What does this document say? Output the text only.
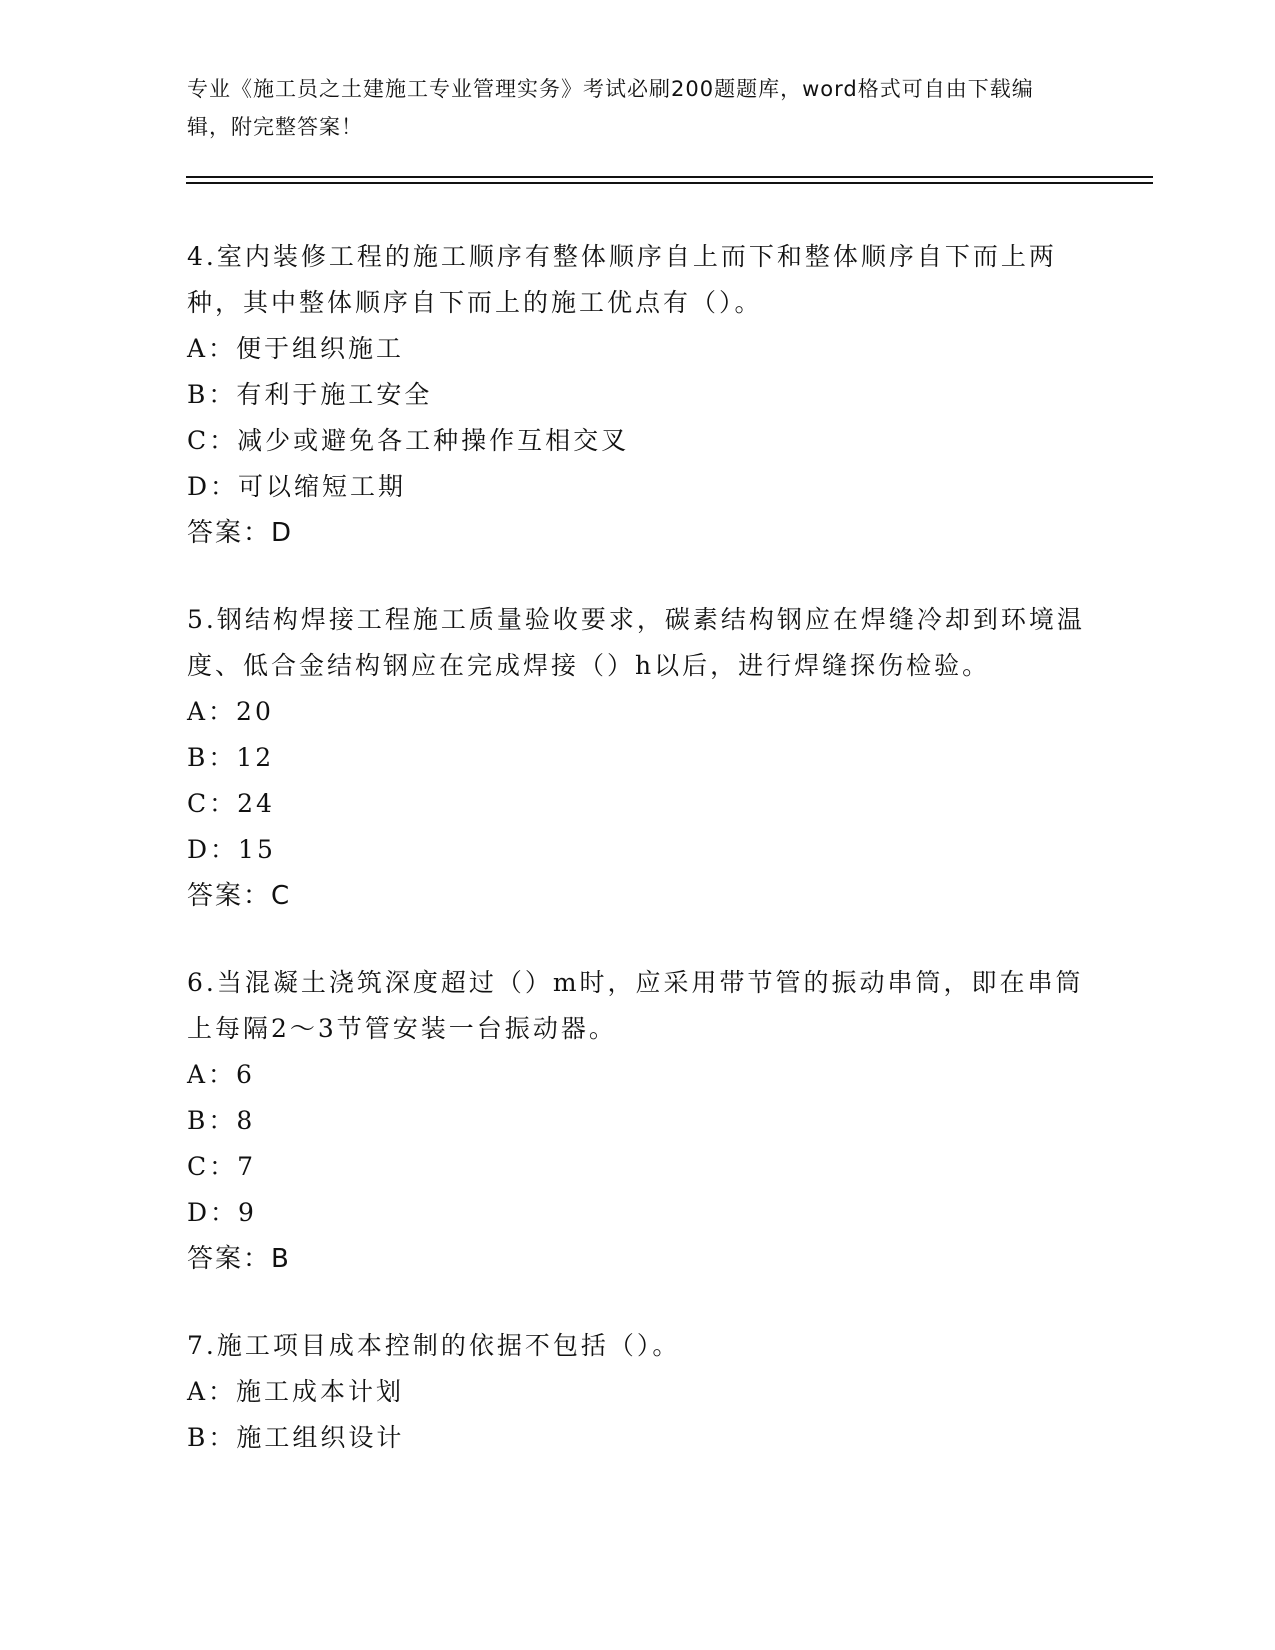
专业《施工员之土建施工专业管理实务》考试必刷200题题库，word格式可自由下载编辑，附完整答案！

4.室内装修工程的施工顺序有整体顺序自上而下和整体顺序自下而上两种，其中整体顺序自下而上的施工优点有（）。

A：便于组织施工

B：有利于施工安全

C：减少或避免各工种操作互相交叉

D：可以缩短工期

答案：D

5.钢结构焊接工程施工质量验收要求，碳素结构钢应在焊缝冷却到环境温度、低合金结构钢应在完成焊接（）h以后，进行焊缝探伤检验。

A：20

B：12

C：24

D：15

答案：C

6.当混凝土浇筑深度超过（）m时，应采用带节管的振动串筒，即在串筒上每隔2～3节管安装一台振动器。

A：6

B：8

C：7

D：9

答案：B

7.施工项目成本控制的依据不包括（）。

A：施工成本计划

B：施工组织设计
